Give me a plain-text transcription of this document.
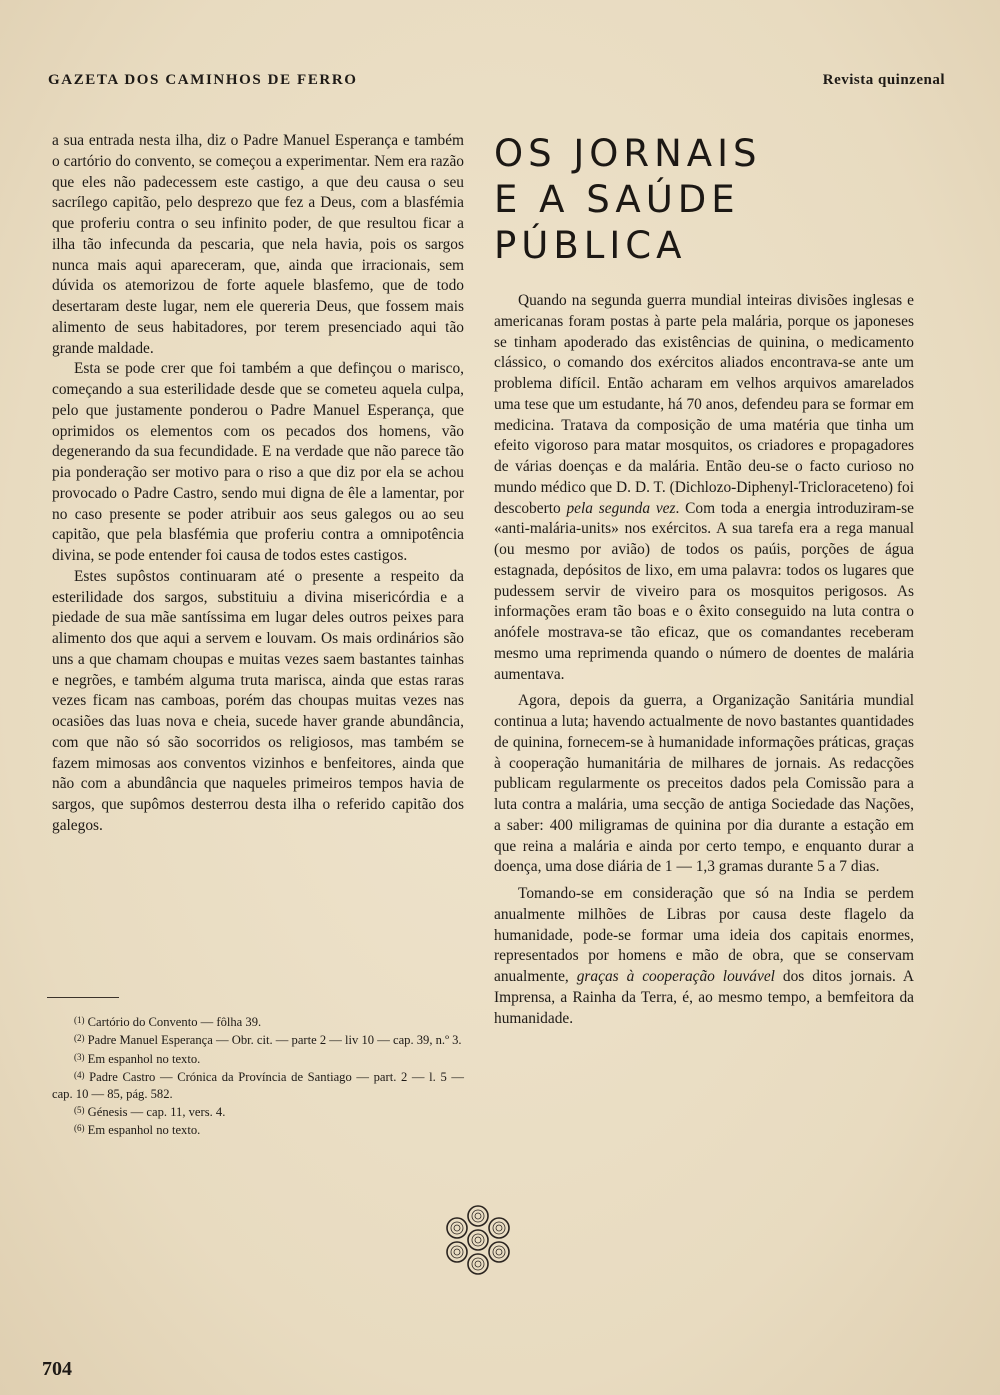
GAZETA DOS CAMINHOS DE FERRO	Revista quinzenal

a sua entrada nesta ilha, diz o Padre Manuel Esperança e também o cartório do convento, se começou a experimentar. Nem era razão que eles não padecessem este castigo, a que deu causa o seu sacrílego capitão, pelo desprezo que fez a Deus, com a blasfémia que proferiu contra o seu infinito poder, de que resultou ficar a ilha tão infecunda da pescaria, que nela havia, pois os sargos nunca mais aqui apareceram, que, ainda que irracionais, sem dúvida os atemorizou de forte aquele blasfemo, que de todo desertaram deste lugar, nem ele quereria Deus, que fossem mais alimento de seus habitadores, por terem presenciado aqui tão grande maldade.

Esta se pode crer que foi também a que definçou o marisco, começando a sua esterilidade desde que se cometeu aquela culpa, pelo que justamente ponderou o Padre Manuel Esperança, que oprimidos os elementos com os pecados dos homens, vão degenerando da sua fecundidade. E na verdade que não parece tão pia ponderação ser motivo para o riso a que diz por ela se achou provocado o Padre Castro, sendo mui digna de êle a lamentar, por no caso presente se poder atribuir aos seus galegos ou ao seu capitão, que pela blasfémia que proferiu contra a omnipotência divina, se pode entender foi causa de todos estes castigos.

Estes supôstos continuaram até o presente a respeito da esterilidade dos sargos, substituiu a divina misericórdia e a piedade de sua mãe santíssima em lugar deles outros peixes para alimento dos que aqui a servem e louvam. Os mais ordinários são uns a que chamam choupas e muitas vezes saem bastantes tainhas e negrões, e também alguma truta marisca, ainda que estas raras vezes ficam nas camboas, porém das choupas muitas vezes nas ocasiões das luas nova e cheia, sucede haver grande abundância, com que não só são socorridos os religiosos, mas também se fazem mimosas aos conventos vizinhos e benfeitores, ainda que não com a abundância que naqueles primeiros tempos havia de sargos, que supômos desterrou desta ilha o referido capitão dos galegos.

$^{(1)}$ Cartório do Convento — fôlha 39.

$^{(2)}$ Padre Manuel Esperança — Obr. cit. — parte 2 — liv 10 — cap. 39, n.º 3.

$^{(3)}$ Em espanhol no texto.

$^{(4)}$ Padre Castro — Crónica da Província de Santiago — part. 2 — l. 5 — cap. 10 — 85, pág. 582.

$^{(5)}$ Génesis — cap. 11, vers. 4.

$^{(6)}$ Em espanhol no texto.

OS JORNAIS
E A SAÚDE PÚBLICA

Quando na segunda guerra mundial inteiras divisões inglesas e americanas foram postas à parte pela malária, porque os japoneses se tinham apoderado das existências de quinina, o medicamento clássico, o comando dos exércitos aliados encontrava-se ante um problema difícil. Então acharam em velhos arquivos amarelados uma tese que um estudante, há 70 anos, defendeu para se formar em medicina. Tratava da composição de uma matéria que tinha um efeito vigoroso para matar mosquitos, os criadores e propagadores de várias doenças e da malária. Então deu-se o facto curioso no mundo médico que D. D. T. (Dichlozo-Diphenyl-Tricloraceteno) foi descoberto pela segunda vez. Com toda a energia introduziram-se «anti-malária-units» nos exércitos. A sua tarefa era a rega manual (ou mesmo por avião) de todos os paúis, porções de água estagnada, depósitos de lixo, em uma palavra: todos os lugares que pudessem servir de viveiro para os mosquitos perigosos. As informações eram tão boas e o êxito conseguido na luta contra o anófele mostrava-se tão eficaz, que os comandantes receberam mesmo uma reprimenda quando o número de doentes de malária aumentava.

Agora, depois da guerra, a Organização Sanitária mundial continua a luta; havendo actualmente de novo bastantes quantidades de quinina, fornecem-se à humanidade informações práticas, graças à cooperação humanitária de milhares de jornais. As redacções publicam regularmente os preceitos dados pela Comissão para a luta contra a malária, uma secção de antiga Sociedade das Nações, a saber: 400 miligramas de quinina por dia durante a estação em que reina a malária e ainda por certo tempo, e enquanto durar a doença, uma dose diária de 1 — 1,3 gramas durante 5 a 7 dias.

Tomando-se em consideração que só na India se perdem anualmente milhões de Libras por causa deste flagelo da humanidade, pode-se formar uma ideia dos capitais enormes, representados por homens e mão de obra, que se conservam anualmente, graças à cooperação louvável dos ditos jornais. A Imprensa, a Rainha da Terra, é, ao mesmo tempo, a bemfeitora da humanidade.

704
